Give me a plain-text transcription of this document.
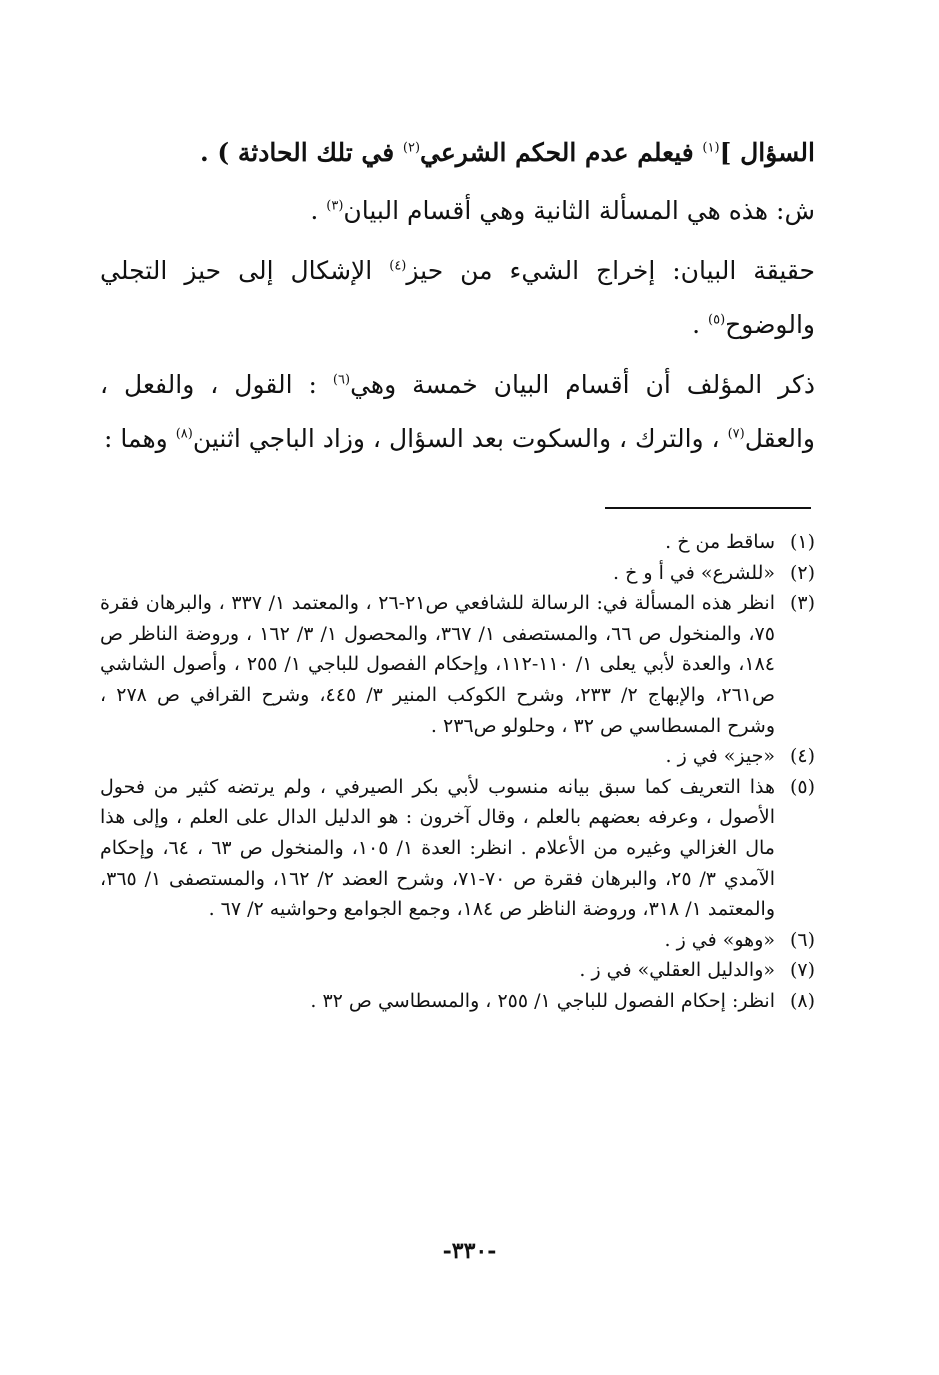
السؤال ]$^{(١)}$ فيعلم عدم الحكم الشرعي$^{(٢)}$ في تلك الحادثة ) .

ش: هذه هي المسألة الثانية وهي أقسام البيان$^{(٣)}$ .

حقيقة البيان: إخراج الشيء من حيز$^{(٤)}$ الإشكال إلى حيز التجلي والوضوح$^{(٥)}$ .

ذكر المؤلف أن أقسام البيان خمسة وهي$^{(٦)}$ : القول ، والفعل ، والعقل$^{(٧)}$ ، والترك ، والسكوت بعد السؤال ، وزاد الباجي اثنين$^{(٨)}$ وهما :

(١)
ساقط من خ .
(٢)
«للشرع» في أ و خ .
(٣)
انظر هذه المسألة في: الرسالة للشافعي ص٢١-٢٦ ، والمعتمد ١/ ٣٣٧ ، والبرهان فقرة ٧٥، والمنخول ص ٦٦، والمستصفى ١/ ٣٦٧، والمحصول ١/ ٣/ ١٦٢ ، وروضة الناظر ص ١٨٤، والعدة لأبي يعلى ١/ ١١٠-١١٢، وإحكام الفصول للباجي ١/ ٢٥٥ ، وأصول الشاشي ص٢٦١، والإبهاج ٢/ ٢٣٣، وشرح الكوكب المنير ٣/ ٤٤٥، وشرح القرافي ص ٢٧٨ ، وشرح المسطاسي ص ٣٢ ، وحلولو ص٢٣٦ .
(٤)
«جيز» في ز .
(٥)
هذا التعريف كما سبق بيانه منسوب لأبي بكر الصيرفي ، ولم يرتضه كثير من فحول الأصول ، وعرفه بعضهم بالعلم ، وقال آخرون : هو الدليل الدال على العلم ، وإلى هذا مال الغزالي وغيره من الأعلام . انظر: العدة ١/ ١٠٥، والمنخول ص ٦٣ ، ٦٤، وإحكام الآمدي ٣/ ٢٥، والبرهان فقرة ص ٧٠-٧١، وشرح العضد ٢/ ١٦٢، والمستصفى ١/ ٣٦٥، والمعتمد ١/ ٣١٨، وروضة الناظر ص ١٨٤، وجمع الجوامع وحواشيه ٢/ ٦٧ .
(٦)
«وهو» في ز .
(٧)
«والدليل العقلي» في ز .
(٨)
انظر: إحكام الفصول للباجي ١/ ٢٥٥ ، والمسطاسي ص ٣٢ .
-٣٣٠-
